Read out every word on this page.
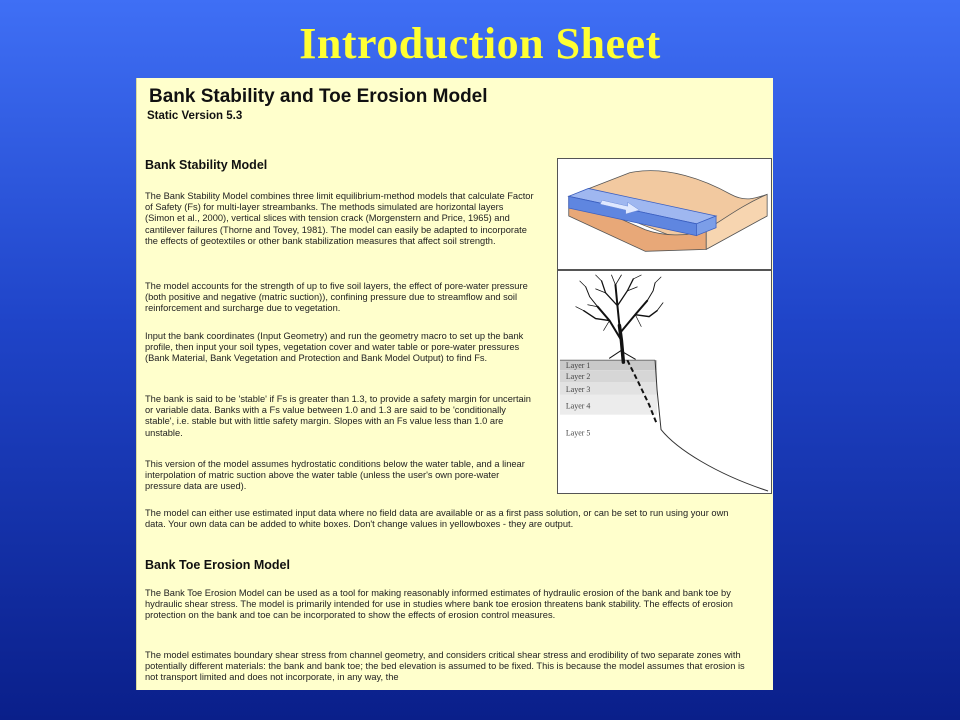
Introduction Sheet
Bank Stability and Toe Erosion Model
Static Version 5.3
Bank Stability Model
The Bank Stability Model combines three limit equilibrium-method models that calculate Factor of Safety (Fs) for multi-layer streambanks. The methods simulated are horizontal layers (Simon et al., 2000), vertical slices with tension crack (Morgenstern and Price, 1965) and cantilever failures (Thorne and Tovey, 1981). The model can easily be adapted to incorporate the effects of geotextiles or other bank stabilization measures that affect soil strength.
The model accounts for the strength of up to five soil layers, the effect of pore-water pressure (both positive and negative (matric suction)), confining pressure due to streamflow and soil reinforcement and surcharge due to vegetation.
Input the bank coordinates (Input Geometry) and run the geometry macro to set up the bank profile, then input your soil types, vegetation cover and water table or pore-water pressures (Bank Material, Bank Vegetation and Protection and Bank Model Output) to find Fs.
The bank is said to be 'stable' if Fs is greater than 1.3, to provide a safety margin for uncertain or variable data. Banks with a Fs value between 1.0 and 1.3 are said to be 'conditionally stable', i.e. stable but with little safety margin. Slopes with an Fs value less than 1.0 are unstable.
This version of the model assumes hydrostatic conditions below the water table, and a linear interpolation of matric suction above the water table (unless the user's own pore-water pressure data are used).
The model can either use estimated input data where no field data are available or as a first pass solution, or can be set to run using your own data. Your own data can be added to white boxes. Don't change values in yellowboxes - they are output.
Bank Toe Erosion Model
The Bank Toe Erosion Model can be used as a tool for making reasonably informed estimates of hydraulic erosion of the bank and bank toe by hydraulic shear stress. The model is primarily intended for use in studies where bank toe erosion threatens bank stability. The effects of erosion protection on the bank and toe can be incorporated to show the effects of erosion control measures.
The model estimates boundary shear stress from channel geometry, and considers critical shear stress and erodibility of two separate zones with potentially different materials: the bank and bank toe; the bed elevation is assumed to be fixed. This is because the model assumes that erosion is not transport limited and does not incorporate, in any way, the
Layer 1
Layer 2
Layer 3
Layer 4
Layer 5
